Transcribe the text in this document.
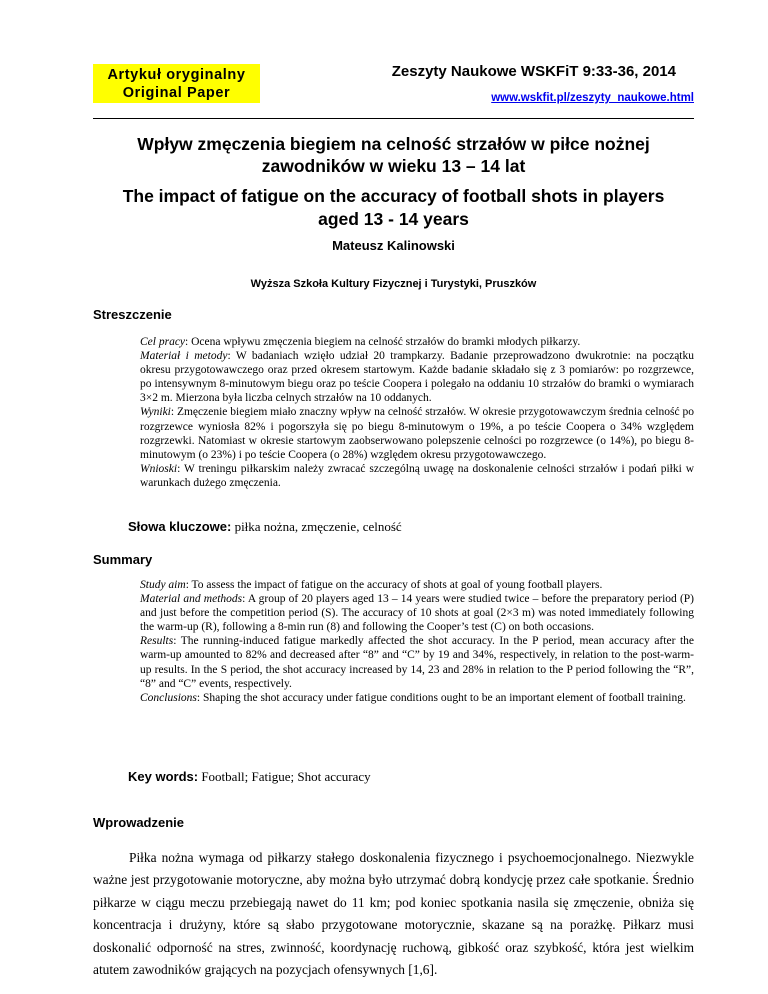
Artykuł oryginalny
Original Paper
Zeszyty Naukowe WSKFiT 9:33-36, 2014
www.wskfit.pl/zeszyty_naukowe.html
Wpływ zmęczenia biegiem na celność strzałów w piłce nożnej
zawodników w wieku 13 – 14 lat
The impact of fatigue on the accuracy of football shots in players
aged 13 - 14 years
Mateusz Kalinowski
Wyższa Szkoła Kultury Fizycznej i Turystyki, Pruszków
Streszczenie

Cel pracy: Ocena wpływu zmęczenia biegiem na celność strzałów do bramki młodych piłkarzy.

Materiał i metody: W badaniach wzięło udział 20 trampkarzy. Badanie przeprowadzono dwukrotnie: na początku okresu przygotowawczego oraz przed okresem startowym. Każde badanie składało się z 3 pomiarów: po rozgrzewce, po intensywnym 8-minutowym biegu oraz po teście Coopera i polegało na oddaniu 10 strzałów do bramki o wymiarach 3×2 m. Mierzona była liczba celnych strzałów na 10 oddanych.

Wyniki: Zmęczenie biegiem miało znaczny wpływ na celność strzałów. W okresie przygotowawczym średnia celność po rozgrzewce wyniosła 82% i pogorszyła się po biegu 8-minutowym o 19%, a po teście Coopera o 34% względem rozgrzewki. Natomiast w okresie startowym zaobserwowano polepszenie celności po rozgrzewce (o 14%), po biegu 8-minutowym (o 23%) i po teście Coopera (o 28%) względem okresu przygotowawczego.

Wnioski: W treningu piłkarskim należy zwracać szczególną uwagę na doskonalenie celności strzałów i podań piłki w warunkach dużego zmęczenia.

Słowa kluczowe: piłka nożna, zmęczenie, celność
Summary

Study aim: To assess the impact of fatigue on the accuracy of shots at goal of young football players.

Material and methods: A group of 20 players aged 13 – 14 years were studied twice – before the preparatory period (P) and just before the competition period (S). The accuracy of 10 shots at goal (2×3 m) was noted immediately following the warm-up (R), following a 8-min run (8) and following the Cooper’s test (C) on both occasions.

Results: The running-induced fatigue markedly affected the shot accuracy. In the P period, mean accuracy after the warm-up amounted to 82% and decreased after “8” and “C” by 19 and 34%, respectively, in relation to the post-warm-up results. In the S period, the shot accuracy increased by 14, 23 and 28% in relation to the P period following the “R”, “8” and “C” events, respectively.

Conclusions: Shaping the shot accuracy under fatigue conditions ought to be an important element of football training.

Key words: Football; Fatigue; Shot accuracy
Wprowadzenie

Piłka nożna wymaga od piłkarzy stałego doskonalenia fizycznego i psychoemocjonalnego. Niezwykle ważne jest przygotowanie motoryczne, aby można było utrzymać dobrą kondycję przez całe spotkanie. Średnio piłkarze w ciągu meczu przebiegają nawet do 11 km; pod koniec spotkania nasila się zmęczenie, obniża się koncentracja i drużyny, które są słabo przygotowane motorycznie, skazane są na porażkę. Piłkarz musi doskonalić odporność na stres, zwinność, koordynację ruchową, gibkość oraz szybkość, która jest wielkim atutem zawodników grających na pozycjach ofensywnych [1,6].
